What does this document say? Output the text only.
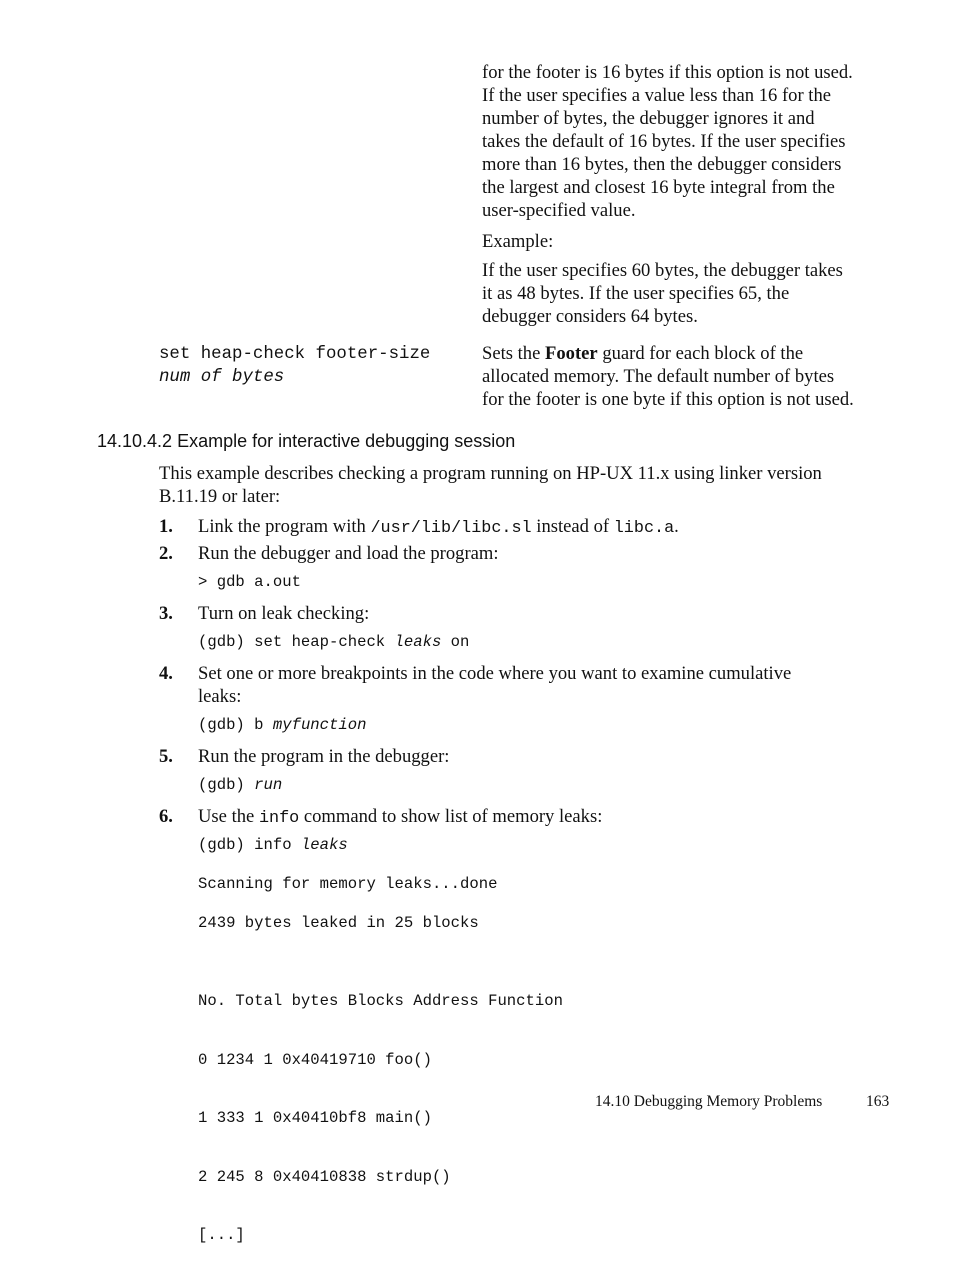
for the footer is 16 bytes if this option is not used.
If the user specifies a value less than 16 for the
number of bytes, the debugger ignores it and
takes the default of 16 bytes. If the user specifies
more than 16 bytes, then the debugger considers
the largest and closest 16 byte integral from the
user-specified value.
Example:
If the user specifies 60 bytes, the debugger takes
it as 48 bytes. If the user specifies 65, the
debugger considers 64 bytes.
set heap-check footer-size
num of bytes
Sets the Footer guard for each block of the
allocated memory. The default number of bytes
for the footer is one byte if this option is not used.
14.10.4.2 Example for interactive debugging session
This example describes checking a program running on HP-UX 11.x using linker version
B.11.19 or later:
1. Link the program with /usr/lib/libc.sl instead of libc.a.
2. Run the debugger and load the program:
> gdb a.out
3. Turn on leak checking:
(gdb) set heap-check leaks on
4. Set one or more breakpoints in the code where you want to examine cumulative
leaks:
(gdb) b myfunction
5. Run the program in the debugger:
(gdb) run
6. Use the info command to show list of memory leaks:
(gdb) info leaks
Scanning for memory leaks...done
2439 bytes leaked in 25 blocks

No. Total bytes Blocks Address Function

0 1234 1 0x40419710 foo()

1 333 1 0x40410bf8 main()

2 245 8 0x40410838 strdup()

[...]

14.10 Debugging Memory Problems	163
